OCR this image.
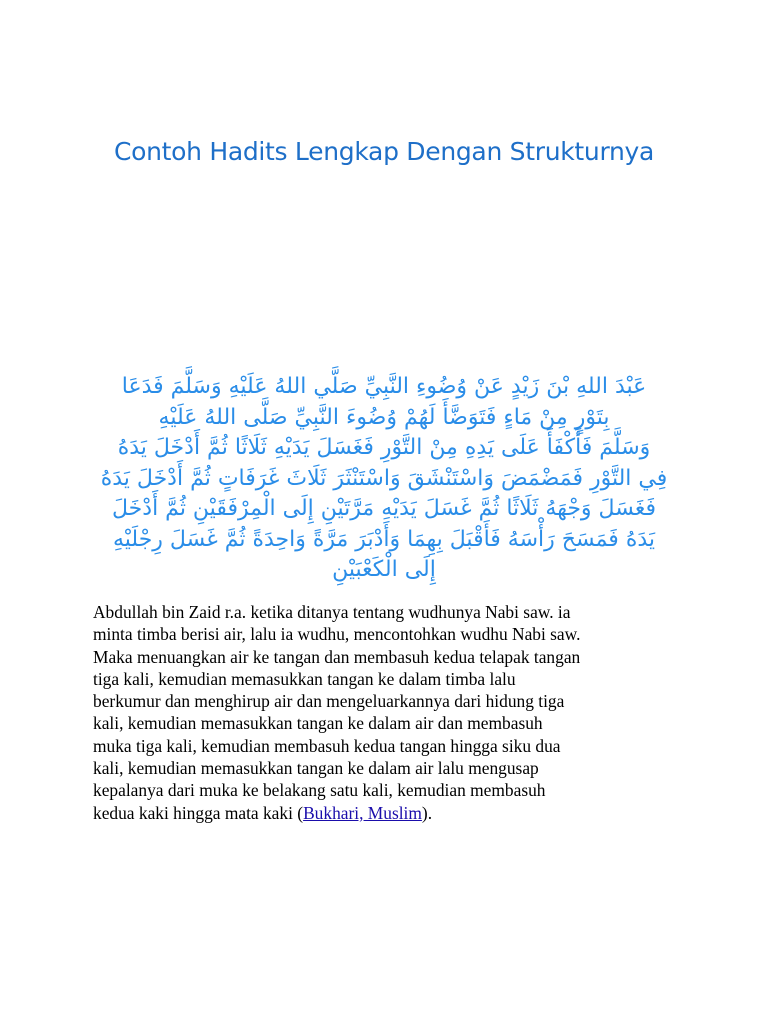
Contoh Hadits Lengkap Dengan Strukturnya
عَبْدَ اللهِ بْنَ زَيْدٍ عَنْ وُضُوءِ النَّبِيِّ صَلَّي اللهُ عَلَيْهِ وَسَلَّمَ فَدَعَا
بِتَوْرٍ مِنْ مَاءٍ فَتَوَضَّأَ لَهُمْ وُضُوءَ النَّبِيِّ صَلَّى اللهُ عَلَيْهِ
وَسَلَّمَ فَأَكْفَأَ عَلَى يَدِهِ مِنْ التَّوْرِ فَغَسَلَ يَدَيْهِ ثَلَاثًا ثُمَّ أَدْخَلَ يَدَهُ
فِي التَّوْرِ فَمَضْمَضَ وَاسْتَنْشَقَ وَاسْتَنْثَرَ ثَلَاثَ غَرَفَاتٍ ثُمَّ أَدْخَلَ يَدَهُ
فَغَسَلَ وَجْهَهُ ثَلَاثًا ثُمَّ غَسَلَ يَدَيْهِ مَرَّتَيْنِ إِلَى الْمِرْفَقَيْنِ ثُمَّ أَدْخَلَ
يَدَهُ فَمَسَحَ رَأْسَهُ فَأَقْبَلَ بِهِمَا وَأَدْبَرَ مَرَّةً وَاحِدَةً ثُمَّ غَسَلَ رِجْلَيْهِ
إِلَى الْكَعْبَيْنِ
Abdullah bin Zaid r.a. ketika ditanya tentang wudhunya Nabi saw. ia
minta timba berisi air, lalu ia wudhu, mencontohkan wudhu Nabi saw.
Maka menuangkan air ke tangan dan membasuh kedua telapak tangan
tiga kali, kemudian memasukkan tangan ke dalam timba lalu
berkumur dan menghirup air dan mengeluarkannya dari hidung tiga
kali, kemudian memasukkan tangan ke dalam air dan membasuh
muka tiga kali, kemudian membasuh kedua tangan hingga siku dua
kali, kemudian memasukkan tangan ke dalam air lalu mengusap
kepalanya dari muka ke belakang satu kali, kemudian membasuh
kedua kaki hingga mata kaki (Bukhari, Muslim).
